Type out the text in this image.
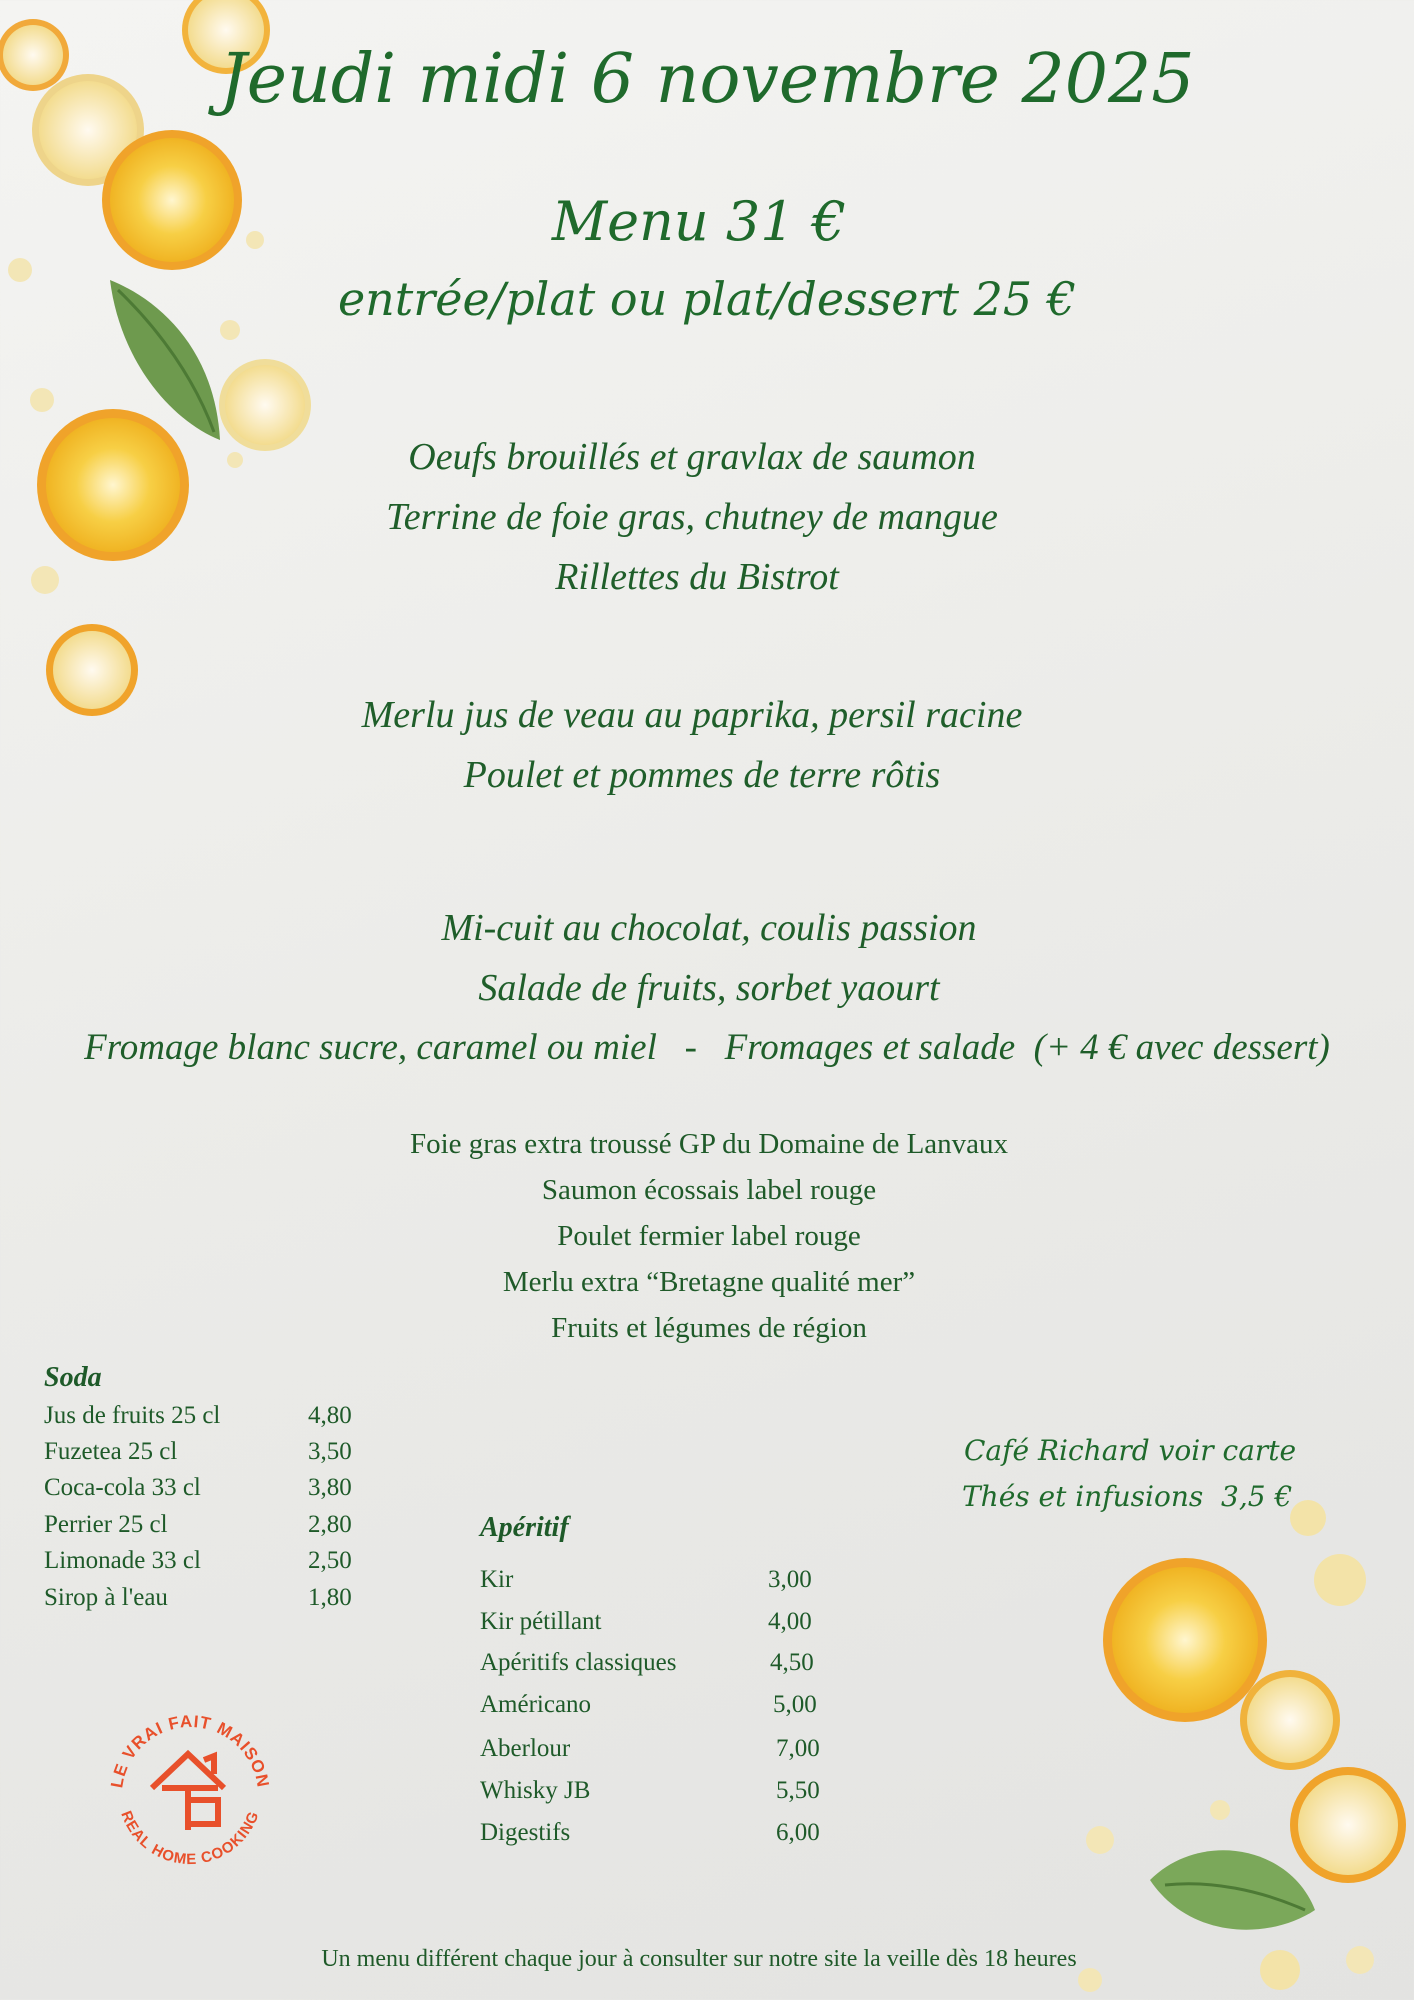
Jeudi midi 6 novembre 2025
Menu 31 €
entrée/plat ou plat/dessert 25 €
Oeufs brouillés et gravlax de saumon
Terrine de foie gras, chutney de mangue
Rillettes du Bistrot
Merlu jus de veau au paprika, persil racine
Poulet et pommes de terre rôtis
Mi-cuit au chocolat, coulis passion
Salade de fruits, sorbet yaourt
Fromage blanc sucre, caramel ou miel   -   Fromages et salade  (+ 4 € avec dessert)
Foie gras extra troussé GP du Domaine de Lanvaux
Saumon écossais label rouge
Poulet fermier label rouge
Merlu extra “Bretagne qualité mer”
Fruits et légumes de région
Soda
Jus de fruits 25 cl	4,80
Fuzetea 25 cl	3,50
Coca-cola 33 cl	3,80
Perrier 25 cl	2,80
Limonade 33 cl	2,50
Sirop à l'eau	1,80
Apéritif
Kir	3,00
Kir pétillant	4,00
Apéritifs classiques	4,50
Américano	5,00
Aberlour	7,00
Whisky JB	5,50
Digestifs	6,00
Café Richard voir carte
Thés et infusions  3,5 €
LE VRAI FAIT MAISON
REAL HOME COOKING
Un menu différent chaque jour à consulter sur notre site la veille dès 18 heures
